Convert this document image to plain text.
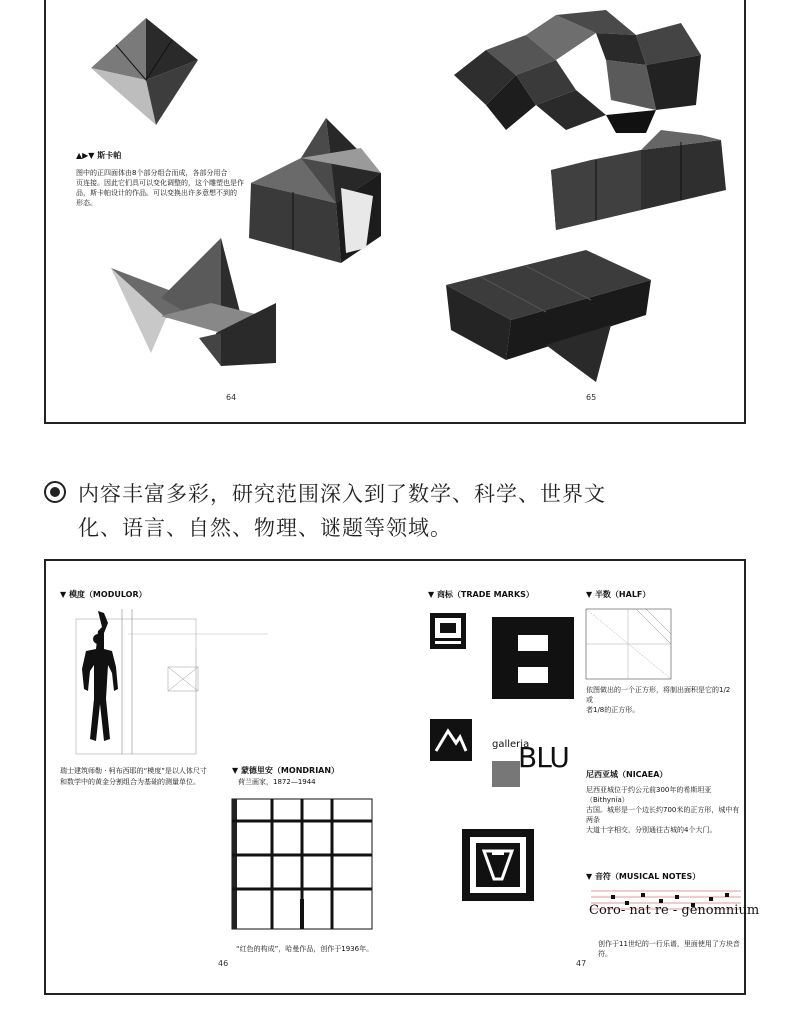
▲▶▼ 斯卡帕
图中的正四面体由8个部分组合而成，各部分用合
页连接。因此它们具可以变化调整的，这个雕塑也是作
品，斯卡帕设计的作品。可以变换出许多意想不到的
形态。
64	65
内容丰富多彩，研究范围深入到了数学、科学、世界文
化、语言、自然、物理、谜题等领域。
▼ 模度（MODULOR）
瑞士建筑师勒 · 柯布西耶的“模度”是以人体尺寸
和数学中的黄金分割组合为基础的测量单位。
▼ 蒙德里安（MONDRIAN）
荷兰画家，1872—1944
“红色的构成”，哈曼作品，创作于1936年。
46
▼ 商标（TRADE MARKS）
galleria
BLU
▼ 半数（HALF）
依图做出的一个正方形，将制出面积是它的1/2或
者1/8的正方形。
尼西亚城（NICAEA）
尼西亚城位于约公元前300年的希斯坦亚（Bithynia）
古国。城形是一个边长约700米的正方形，城中有两条
大道十字相交，分别通往古城的4个大门。
▼ 音符（MUSICAL NOTES）
Coro- nat re - genomnium
创作于11世纪的一行乐谱，里面使用了方块音符。
47
